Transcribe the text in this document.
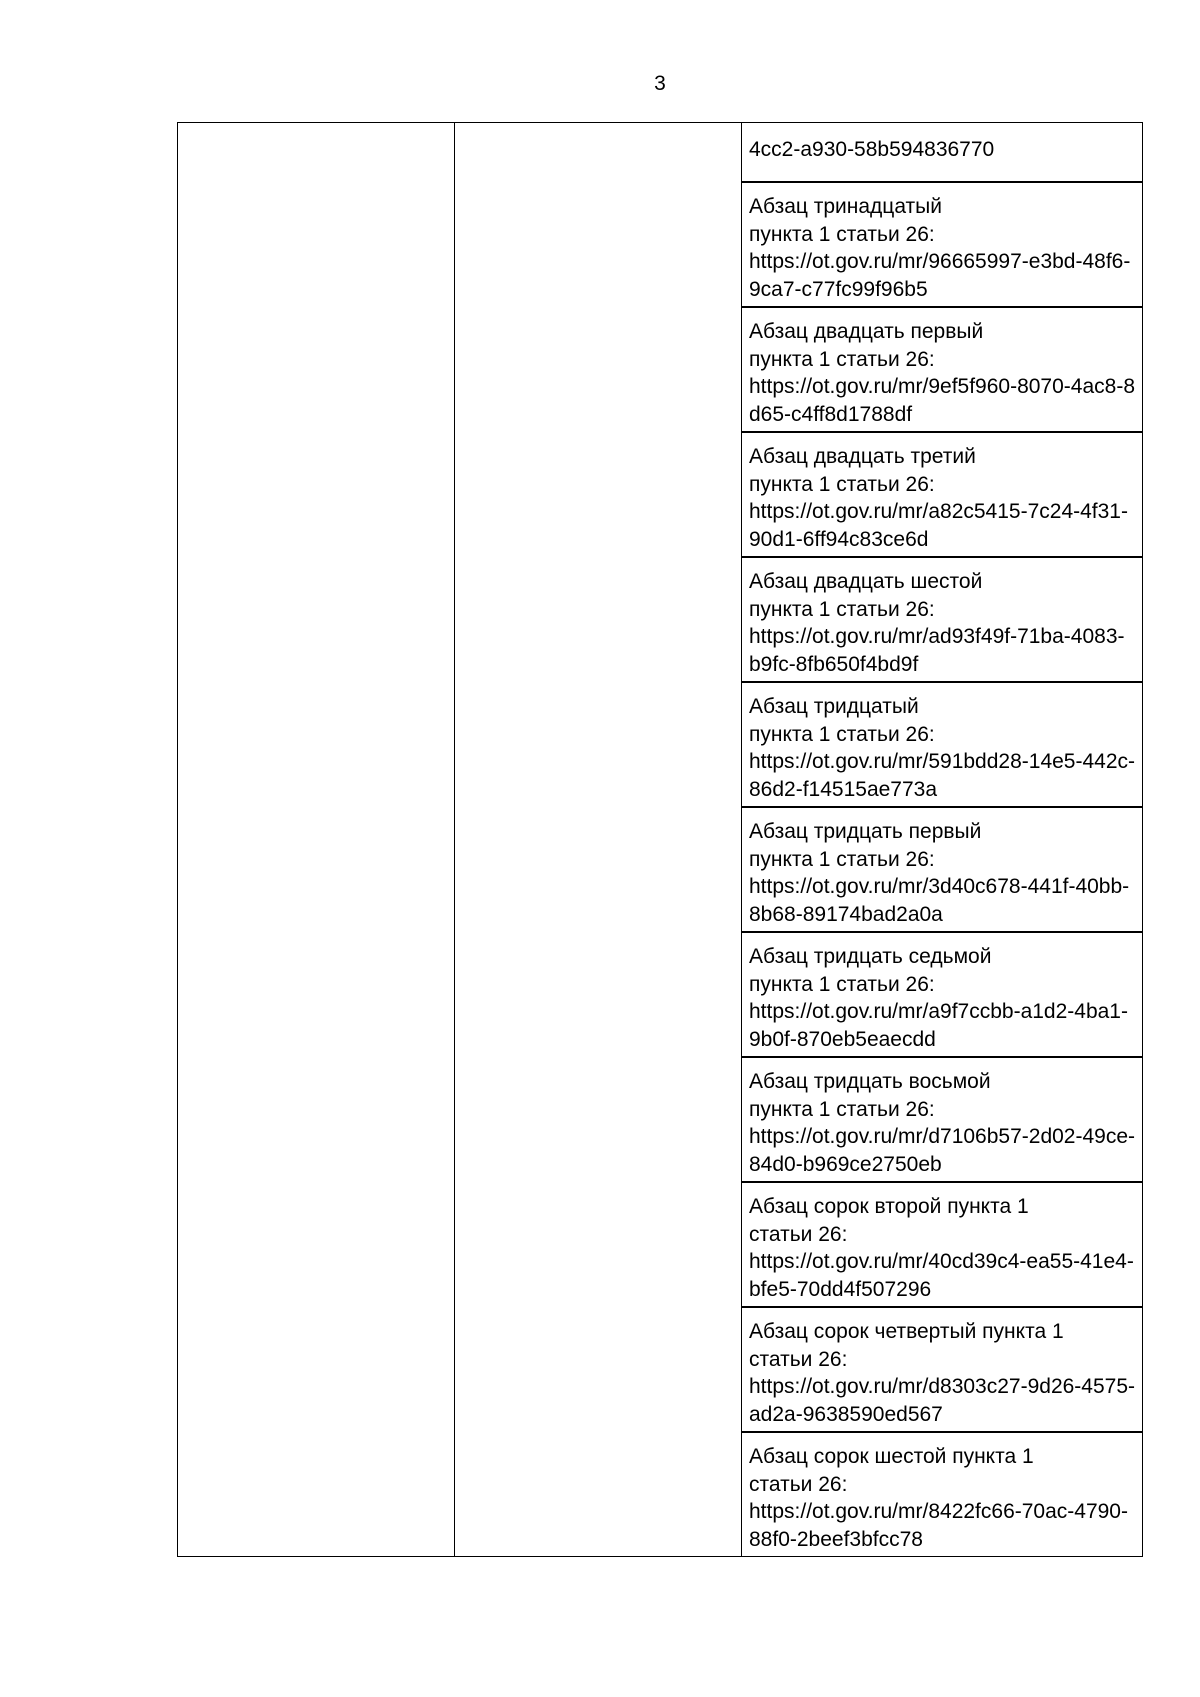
3

4cc2-a930-58b594836770

Абзац тринадцатый
пункта 1 статьи 26:
https://ot.gov.ru/mr/96665997-e3bd-48f6-9ca7-c77fc99f96b5

Абзац двадцать первый
пункта 1 статьи 26:
https://ot.gov.ru/mr/9ef5f960-8070-4ac8-8d65-c4ff8d1788df

Абзац двадцать третий
пункта 1 статьи 26:
https://ot.gov.ru/mr/a82c5415-7c24-4f31-90d1-6ff94c83ce6d

Абзац двадцать шестой
пункта 1 статьи 26:
https://ot.gov.ru/mr/ad93f49f-71ba-4083-b9fc-8fb650f4bd9f

Абзац тридцатый
пункта 1 статьи 26:
https://ot.gov.ru/mr/591bdd28-14e5-442c-86d2-f14515ae773a

Абзац тридцать первый
пункта 1 статьи 26:
https://ot.gov.ru/mr/3d40c678-441f-40bb-8b68-89174bad2a0a

Абзац тридцать седьмой
пункта 1 статьи 26:
https://ot.gov.ru/mr/a9f7ccbb-a1d2-4ba1-9b0f-870eb5eaecdd

Абзац тридцать восьмой
пункта 1 статьи 26:
https://ot.gov.ru/mr/d7106b57-2d02-49ce-84d0-b969ce2750eb

Абзац сорок второй пункта 1
статьи 26:
https://ot.gov.ru/mr/40cd39c4-ea55-41e4-bfe5-70dd4f507296

Абзац сорок четвертый пункта 1
статьи 26:
https://ot.gov.ru/mr/d8303c27-9d26-4575-ad2a-9638590ed567

Абзац сорок шестой пункта 1
статьи 26:
https://ot.gov.ru/mr/8422fc66-70ac-4790-88f0-2beef3bfcc78
